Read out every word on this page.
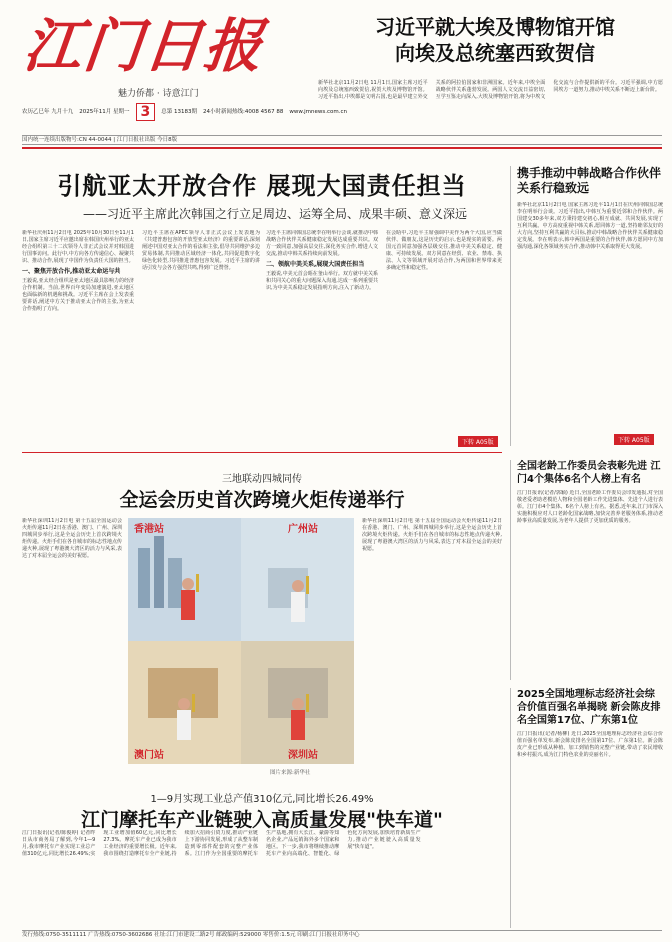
江门日报
魅力侨都 · 诗意江门
农历乙巳年 九月十九 2025年11月 星期一 3	总第 13183期 24小时新闻热线:4008 4567 88 www.jmnews.com.cn
习近平就大埃及博物馆开馆
向埃及总统塞西致贺信
新华社北京11月2日电 11月1日,国家主席习近平向埃及总统塞西致贺信,祝贺大埃及博物馆开馆。习近平指出,中埃都是文明古国,也是最早建立外交关系的阿拉伯国家和非洲国家。近年来,中埃全面战略伙伴关系蓬勃发展。两国人文交流日益密切,互学互鉴走向深入,大埃及博物馆开馆,将为中埃文化交流与合作提供新的平台。习近平强调,中方愿同埃方一道努力,推动中埃关系不断迈上新台阶。
国内统一连续出版物号:CN 44-0044 | 江门日报社出版 今日8版
引航亚太开放合作 展现大国责任担当
——习近平主席此次韩国之行立足周边、运筹全局、成果丰硕、意义深远
新华社庆州11月2日电 2025年10月30日至11月1日,国家主席习近平应邀出席在韩国庆州举行的亚太经合组织第三十二次领导人非正式会议并对韩国进行国事访问。此行中,中方向各方传递信心、凝聚共识、推动合作,展现了中国作为负责任大国的担当。
一、聚焦开放合作,推动亚太命运与共
王毅说,亚太经合组织是亚太地区最具影响力的经济合作机制。当前,世界百年变局加速演进,亚太地区也面临新的机遇和挑战。习近平主席在会上发表重要讲话,阐述中方关于推动亚太合作的主张,为亚太合作指明了方向。
习近平主席在APEC领导人非正式会议上发表题为《共建普惠包容的开放型亚太经济》的重要讲话,深刻阐述中国对亚太合作的看法和主张,倡导共同维护多边贸易体制,共同推动区域经济一体化,共同促进数字化绿色化转型,共同推进普惠包容发展。习近平主席的讲话引发与会各方强烈共鸣,得到广泛赞誉。
习近平主席同韩国总统李在明举行会谈,就推动中韩战略合作伙伴关系健康稳定发展达成重要共识。双方一致同意,加强高层交往,深化务实合作,增进人文交流,推动中韩关系持续向前发展。
二、领航中美关系,展现大国责任担当
王毅说,中美元首会晤在釜山举行。双方就中美关系和共同关心的重大问题深入沟通,达成一系列重要共识,为中美关系稳定发展指明方向,注入了新动力。
在会晤中,习近平主席强调中美作为两个大国,应当做伙伴、做朋友,这是历史的启示,也是现实的需要。两国元首同意加强各层级交往,推动中美关系稳定、健康、可持续发展。双方同意在经贸、农业、禁毒、执法、人文等领域开展对话合作,为两国和世界带来更多确定性和稳定性。
下转 A05版
携手推动中韩战略合作伙伴关系行稳致远
新华社北京11月2日电 国家主席习近平11月1日在庆州同韩国总统李在明举行会谈。习近平指出,中韩互为重要近邻和合作伙伴。两国建交30多年来,双方秉持建交初心,相互成就、共同发展,实现了互利共赢。中方高度重视中韩关系,愿同韩方一道,坚持睦邻友好的大方向,坚持互利共赢的大目标,推动中韩战略合作伙伴关系健康稳定发展。李在明表示,韩中两国是重要的合作伙伴,韩方愿同中方加强沟通,深化各领域务实合作,推动韩中关系取得更大发展。
下转 A05版
全国老龄工作委员会表彰先进 江门4个集体6名个人榜上有名
江门日报讯(记者/郭颖) 近日,全国老龄工作委员会印发通报,对全国敬老爱老助老模范人物和全国老龄工作先进集体、先进个人进行表彰。江门市4个集体、6名个人榜上有名。据悉,近年来,江门市深入实施积极应对人口老龄化国家战略,加快完善养老服务体系,推动老龄事业高质量发展,为老年人提供了更加优质的服务。
2025全国地理标志经济社会综合价值百强名单揭晓 新会陈皮排名全国第17位、广东第1位
江门日报讯(记者/杨柳) 近日,2025全国地理标志经济社会综合价值百强名单发布,新会陈皮排名全国第17位、广东第1位。新会陈皮产业已形成从种植、加工到销售的完整产业链,带动了农民增收和乡村振兴,成为江门特色农业的亮丽名片。
三地联动四城同传
全运会历史首次跨境火炬传递举行
新华社深圳11月2日电 第十五届全国运动会火炬传递11月2日在香港、澳门、广州、深圳四城同步举行,这是全运会历史上首次跨境火炬传递。火炬手们在各自城市的标志性地点传递火种,展现了粤港澳大湾区的活力与风采,表达了对本届全运会的美好祝愿。
香港站	广州站
澳门站	深圳站
图片来源:新华社
新华社深圳11月2日电 第十五届全国运动会火炬传递11月2日在香港、澳门、广州、深圳四城同步举行,这是全运会历史上首次跨境火炬传递。火炬手们在各自城市的标志性地点传递火种,展现了粤港澳大湾区的活力与风采,表达了对本届全运会的美好祝愿。
1—9月实现工业总产值310亿元,同比增长26.49%
江门摩托车产业链驶入高质量发展"快车道"
江门日报讯(记者/陈俊婷) 记者昨日从市商务局了解到,今年1—9月,我市摩托车产业实现工业总产值310亿元,同比增长26.49%;实现工业增加值60亿元,同比增长27.3%。摩托车产业已成为我市工业经济的重要增长极。近年来,我市围绕打造摩托车全产业链,持续加大招商引资力度,推动产业链上下游协同发展,形成了从整车制造到零部件配套的完整产业体系。江门作为全国重要的摩托车生产基地,拥有大长江、豪爵等知名企业,产品远销海外多个国家和地区。下一步,我市将继续推动摩托车产业向高端化、智能化、绿色化方向发展,加快培育新质生产力,推动产业链驶入高质量发展"快车道"。
发行热线:0750-3511111 广告热线:0750-3602686 社址:江门市建设二路2号 邮政编码:529000 零售价:1.5元 印刷:江门日报社印务中心
